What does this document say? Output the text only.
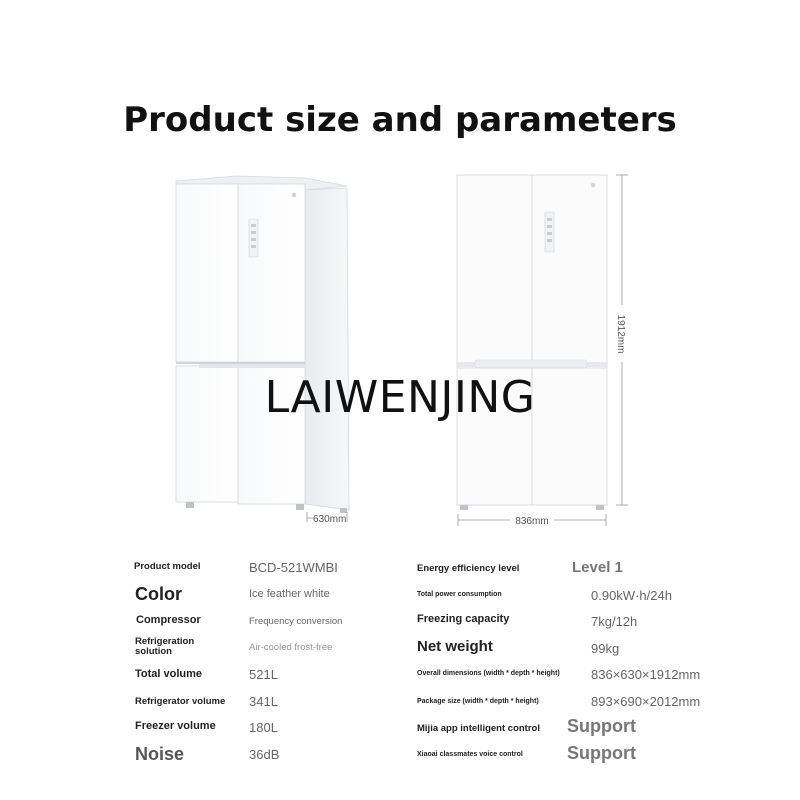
Product size and parameters
630mm	836mm
1912mm
LAIWENJING
Product model	BCD-521WMBI
Color	Ice feather white
Compressor	Frequency conversion
Refrigeration solution	Air-cooled frost-free
Total volume	521L
Refrigerator volume 341L
Freezer volume	180L
Noise	36dB
Energy efficiency level	Level 1
Total power consumption	0.90kW·h/24h
Freezing capacity	7kg/12h
Net weight	99kg
Overall dimensions (width * depth * height) 836×630×1912mm
Package size (width * depth * height)	893×690×2012mm
Mijia app intelligent control Support
Xiaoai classmates voice control Support
